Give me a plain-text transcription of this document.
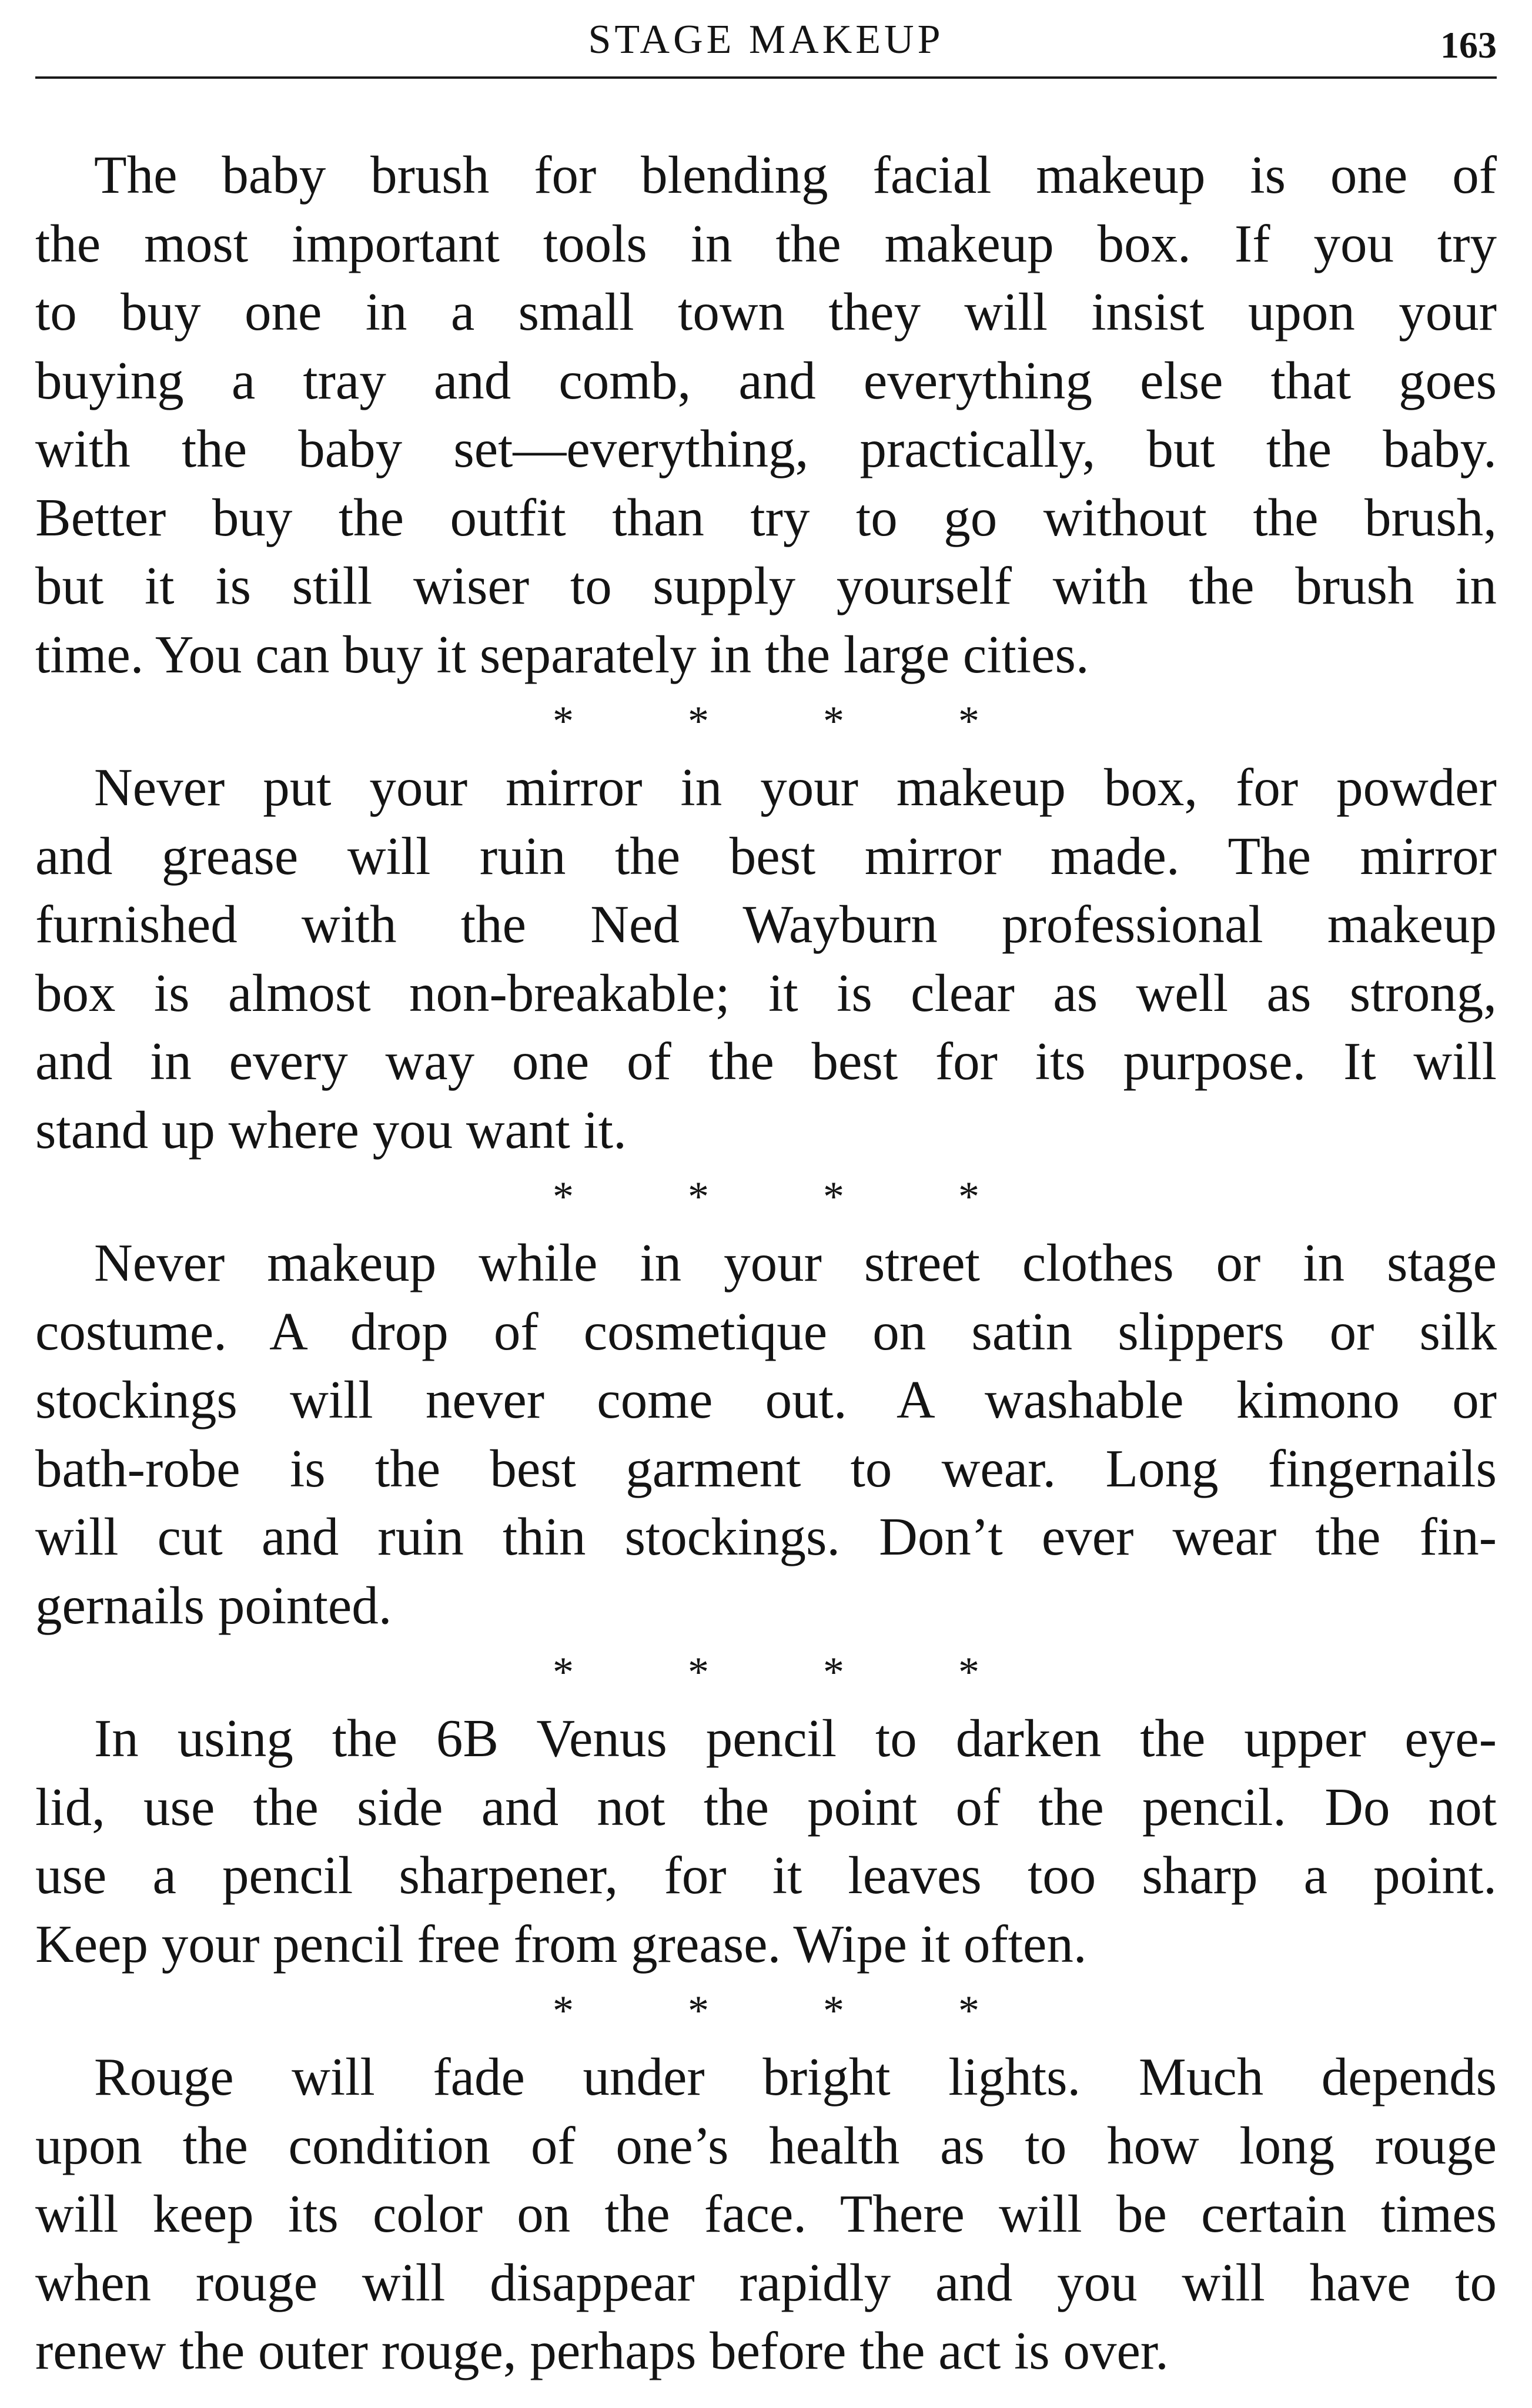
STAGE MAKEUP	163
The baby brush for blending facial makeup is one of
the most important tools in the makeup box. If you try
to buy one in a small town they will insist upon your
buying a tray and comb, and everything else that goes
with the baby set—everything, practically, but the baby.
Better buy the outfit than try to go without the brush,
but it is still wiser to supply yourself with the brush in
time. You can buy it separately in the large cities.
*	*	*	*
Never put your mirror in your makeup box, for powder
and grease will ruin the best mirror made. The mirror
furnished with the Ned Wayburn professional makeup
box is almost non-breakable; it is clear as well as strong,
and in every way one of the best for its purpose. It will
stand up where you want it.
*	*	*	*
Never makeup while in your street clothes or in stage
costume. A drop of cosmetique on satin slippers or silk
stockings will never come out. A washable kimono or
bath-robe is the best garment to wear. Long fingernails
will cut and ruin thin stockings. Don’t ever wear the fin-
gernails pointed.
*	*	*	*
In using the 6B Venus pencil to darken the upper eye-
lid, use the side and not the point of the pencil. Do not
use a pencil sharpener, for it leaves too sharp a point.
Keep your pencil free from grease. Wipe it often.
*	*	*	*
Rouge will fade under bright lights. Much depends
upon the condition of one’s health as to how long rouge
will keep its color on the face. There will be certain times
when rouge will disappear rapidly and you will have to
renew the outer rouge, perhaps before the act is over.
